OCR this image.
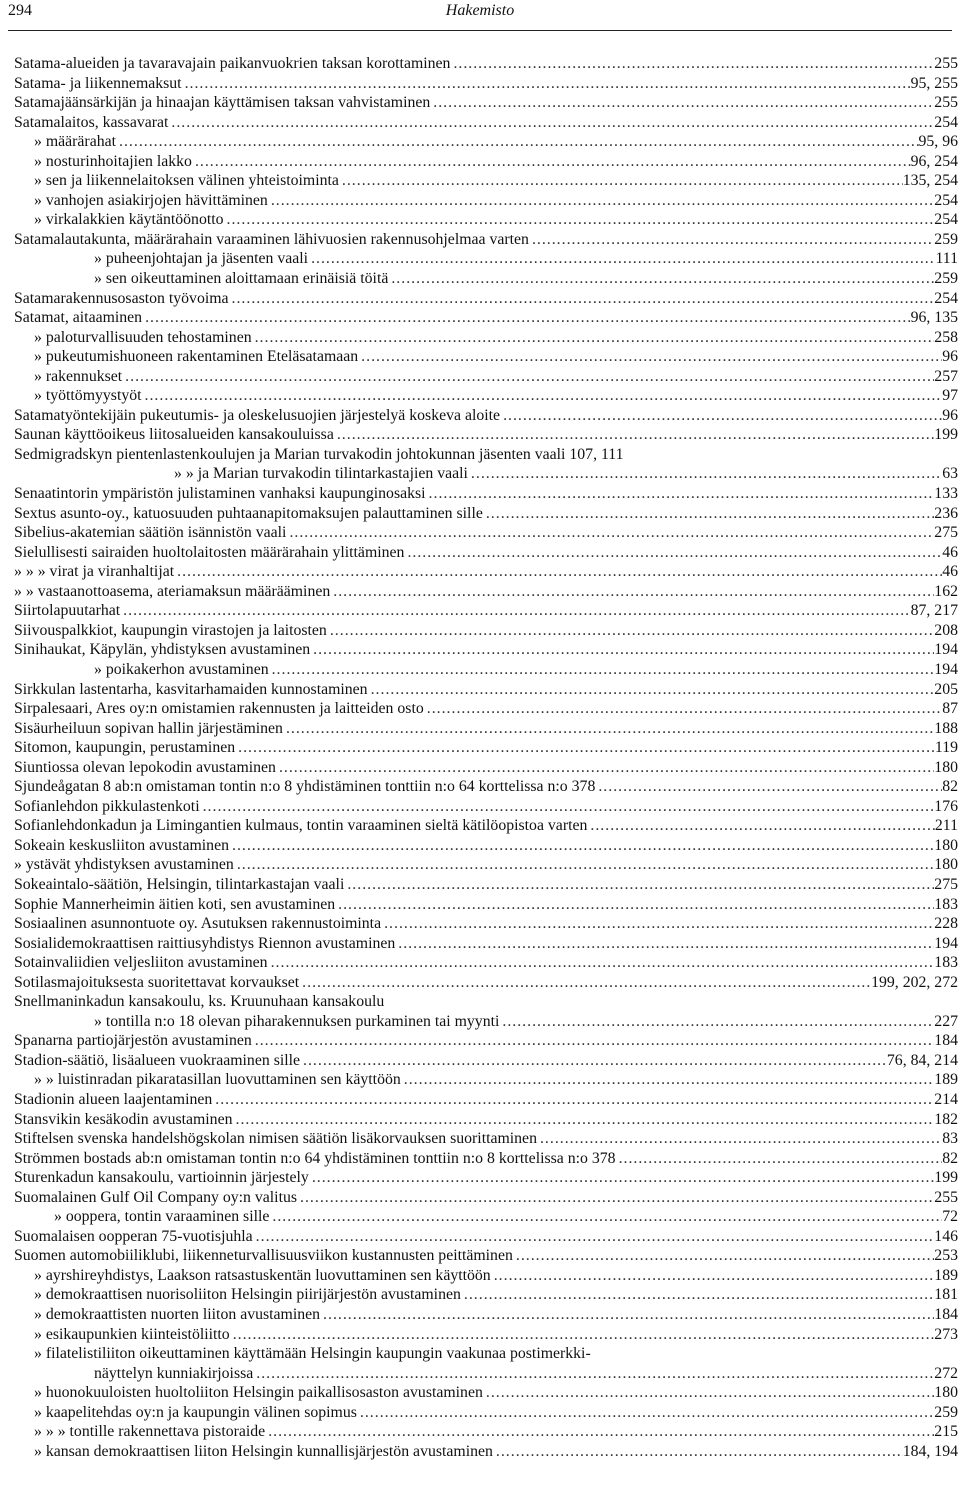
294	Hakemisto
Satama-alueiden ja tavaravajain paikanvuokrien taksan korottaminen .....	255
Satama- ja liikennemaksut .....	95, 255
Satamajäänsärkijän ja hinaajan käyttämisen taksan vahvistaminen .....	255
Satamalaitos, kassavarat .....	254
» määrärahat .....	95, 96
» nosturinhoitajien lakko .....	96, 254
» sen ja liikennelaitoksen välinen yhteistoiminta .....	135, 254
» vanhojen asiakirjojen hävittäminen .....	254
» virkalakkien käytäntöönotto .....	254
Satamalautakunta, määrärahain varaaminen lähivuosien rakennusohjelmaa varten .....	259
» puheenjohtajan ja jäsenten vaali .....	111
» sen oikeuttaminen aloittamaan erinäisiä töitä .....	259
Satamarakennusosaston työvoima .....	254
Satamat, aitaaminen .....	96, 135
» paloturvallisuuden tehostaminen .....	258
» pukeutumishuoneen rakentaminen Eteläsatamaan .....	96
» rakennukset .....	257
» työttömyystyöt .....	97
Satamatyöntekijäin pukeutumis- ja oleskelusuojien järjestelyä koskeva aloite .....	96
Saunan käyttöoikeus liitosalueiden kansakouluissa .....	199
Sedmigradskyn pientenlastenkoulujen ja Marian turvakodin johtokunnan jäsenten vaali 107, 111
» » ja Marian turvakodin tilintarkastajien vaali .....	63
Senaatintorin ympäristön julistaminen vanhaksi kaupunginosaksi .....	133
Sextus asunto-oy., katuosuuden puhtaanapitomaksujen palauttaminen sille .....	236
Sibelius-akatemian säätiön isännistön vaali .....	275
Sielullisesti sairaiden huoltolaitosten määrärahain ylittäminen .....	46
» » » virat ja viranhaltijat .....	46
» » vastaanottoasema, ateriamaksun määrääminen .....	162
Siirtolapuutarhat .....	87, 217
Siivouspalkkiot, kaupungin virastojen ja laitosten .....	208
Sinihaukat, Käpylän, yhdistyksen avustaminen .....	194
» poikakerhon avustaminen .....	194
Sirkkulan lastentarha, kasvitarhamaiden kunnostaminen .....	205
Sirpalesaari, Ares oy:n omistamien rakennusten ja laitteiden osto .....	87
Sisäurheiluun sopivan hallin järjestäminen .....	188
Sitomon, kaupungin, perustaminen .....	119
Siuntiossa olevan lepokodin avustaminen .....	180
Sjundeågatan 8 ab:n omistaman tontin n:o 8 yhdistäminen tonttiin n:o 64 korttelissa n:o 378 .....	82
Sofianlehdon pikkulastenkoti .....	176
Sofianlehdonkadun ja Limingantien kulmaus, tontin varaaminen sieltä kätilöopistoa varten .....	211
Sokeain keskusliiton avustaminen .....	180
» ystävät yhdistyksen avustaminen .....	180
Sokeaintalo-säätiön, Helsingin, tilintarkastajan vaali .....	275
Sophie Mannerheimin äitien koti, sen avustaminen .....	183
Sosiaalinen asunnontuote oy. Asutuksen rakennustoiminta .....	228
Sosialidemokraattisen raittiusyhdistys Riennon avustaminen .....	194
Sotainvaliidien veljesliiton avustaminen .....	183
Sotilasmajoituksesta suoritettavat korvaukset .....	199, 202, 272
Snellmaninkadun kansakoulu, ks. Kruunuhaan kansakoulu
» tontilla n:o 18 olevan piharakennuksen purkaminen tai myynti .....	227
Spanarna partiojärjestön avustaminen .....	184
Stadion-säätiö, lisäalueen vuokraaminen sille .....	76, 84, 214
» » luistinradan pikaratasillan luovuttaminen sen käyttöön .....	189
Stadionin alueen laajentaminen .....	214
Stansvikin kesäkodin avustaminen .....	182
Stiftelsen svenska handelshögskolan nimisen säätiön lisäkorvauksen suorittaminen .....	83
Strömmen bostads ab:n omistaman tontin n:o 64 yhdistäminen tonttiin n:o 8 korttelissa n:o 378 .....	82
Sturenkadun kansakoulu, vartioinnin järjestely .....	199
Suomalainen Gulf Oil Company oy:n valitus .....	255
» ooppera, tontin varaaminen sille .....	72
Suomalaisen oopperan 75-vuotisjuhla .....	146
Suomen automobiiliklubi, liikenneturvallisuusviikon kustannusten peittäminen .....	253
» ayrshireyhdistys, Laakson ratsastuskentän luovuttaminen sen käyttöön .....	189
» demokraattisen nuorisoliiton Helsingin piirijärjestön avustaminen .....	181
» demokraattisten nuorten liiton avustaminen .....	184
» esikaupunkien kiinteistöliitto .....	273
» filatelistiliiton oikeuttaminen käyttämään Helsingin kaupungin vaakunaa postimerkki-
näyttelyn kunniakirjoissa .....	272
» huonokuuloisten huoltoliiton Helsingin paikallisosaston avustaminen .....	180
» kaapelitehdas oy:n ja kaupungin välinen sopimus .....	259
» » » tontille rakennettava pistoraide .....	215
» kansan demokraattisen liiton Helsingin kunnallisjärjestön avustaminen .....	184, 194
